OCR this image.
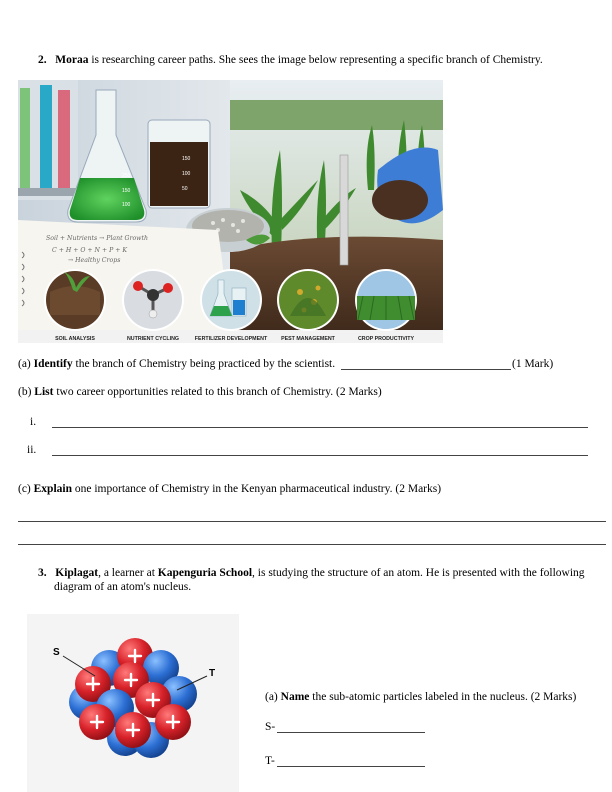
2. Moraa is researching career paths. She sees the image below representing a specific branch of Chemistry.
250
150
100
150
100
50
Soil + Nutrients → Plant Growth
C + H + O + N + P + K
→ Healthy Crops
SOIL ANALYSIS	NUTRIENT CYCLING	FERTILIZER DEVELOPMENT	PEST MANAGEMENT	CROP PRODUCTIVITY
(a) Identify the branch of Chemistry being practiced by the scientist.	(1 Mark)
(b) List two career opportunities related to this branch of Chemistry. (2 Marks)
i.
ii.
(c) Explain one importance of Chemistry in the Kenyan pharmaceutical industry. (2 Marks)
3. Kiplagat, a learner at Kapenguria School, is studying the structure of an atom. He is presented with the following
diagram of an atom's nucleus.
S
T
(a) Name the sub-atomic particles labeled in the nucleus. (2 Marks)
S-
T-
